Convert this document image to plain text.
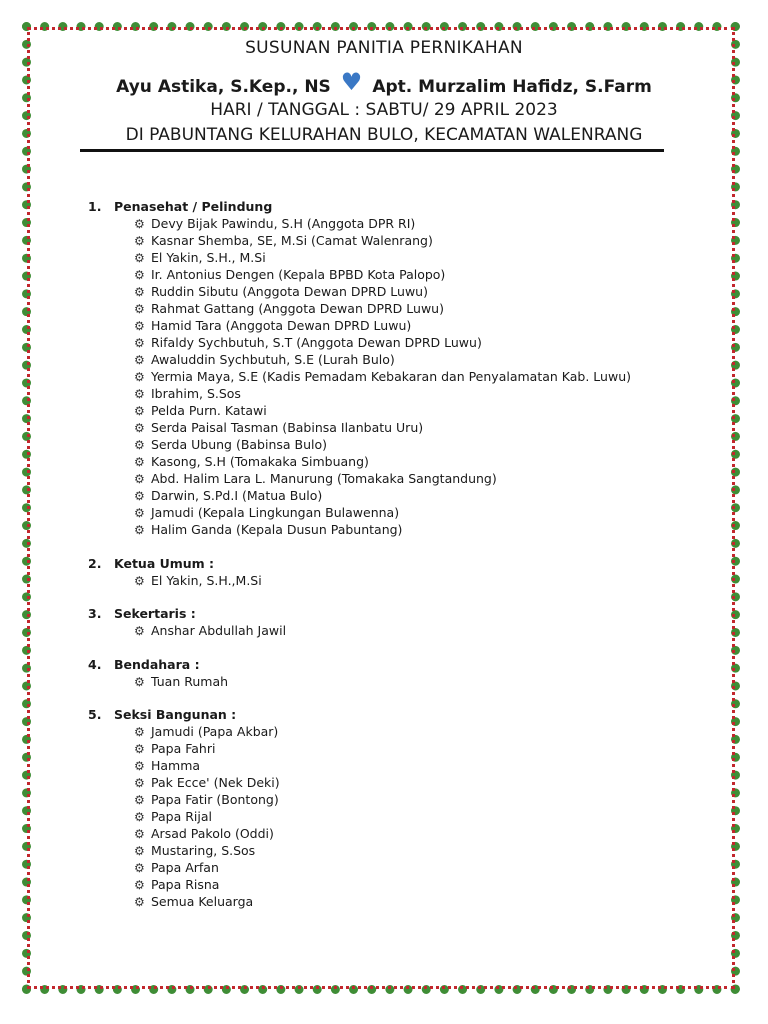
SUSUNAN PANITIA PERNIKAHAN
Ayu Astika, S.Kep., NS ♥ Apt. Murzalim Hafidz, S.Farm
HARI / TANGGAL : SABTU/ 29 APRIL 2023
DI PABUNTANG KELURAHAN BULO, KECAMATAN WALENRANG
1. Penasehat / Pelindung
⚙ Devy Bijak Pawindu, S.H (Anggota DPR RI)
⚙ Kasnar Shemba, SE, M.Si (Camat Walenrang)
⚙ El Yakin, S.H., M.Si
⚙ Ir. Antonius Dengen (Kepala BPBD Kota Palopo)
⚙ Ruddin Sibutu (Anggota Dewan DPRD Luwu)
⚙ Rahmat Gattang (Anggota Dewan DPRD Luwu)
⚙ Hamid Tara (Anggota Dewan DPRD Luwu)
⚙ Rifaldy Sychbutuh, S.T (Anggota Dewan DPRD Luwu)
⚙ Awaluddin Sychbutuh, S.E (Lurah Bulo)
⚙ Yermia Maya, S.E (Kadis Pemadam Kebakaran dan Penyalamatan Kab. Luwu)
⚙ Ibrahim, S.Sos
⚙ Pelda Purn. Katawi
⚙ Serda Paisal Tasman (Babinsa Ilanbatu Uru)
⚙ Serda Ubung (Babinsa Bulo)
⚙ Kasong, S.H (Tomakaka Simbuang)
⚙ Abd. Halim Lara L. Manurung (Tomakaka Sangtandung)
⚙ Darwin, S.Pd.I (Matua Bulo)
⚙ Jamudi (Kepala Lingkungan Bulawenna)
⚙ Halim Ganda (Kepala Dusun Pabuntang)
2. Ketua Umum :
⚙ El Yakin, S.H.,M.Si
3. Sekertaris :
⚙ Anshar Abdullah Jawil
4. Bendahara :
⚙ Tuan Rumah
5. Seksi Bangunan :
⚙ Jamudi (Papa Akbar)
⚙ Papa Fahri
⚙ Hamma
⚙ Pak Ecce' (Nek Deki)
⚙ Papa Fatir (Bontong)
⚙ Papa Rijal
⚙ Arsad Pakolo (Oddi)
⚙ Mustaring, S.Sos
⚙ Papa Arfan
⚙ Papa Risna
⚙ Semua Keluarga
